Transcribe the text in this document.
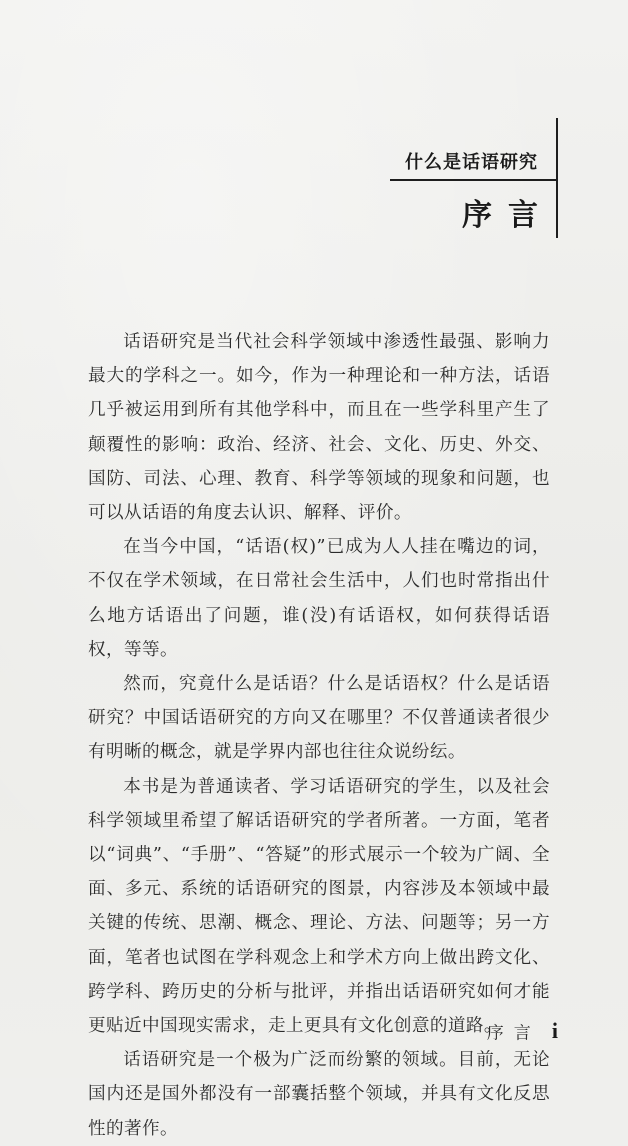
什么是话语研究
序言

话语研究是当代社会科学领域中渗透性最强、影响力最大的学科之一。如今，作为一种理论和一种方法，话语几乎被运用到所有其他学科中，而且在一些学科里产生了颠覆性的影响：政治、经济、社会、文化、历史、外交、国防、司法、心理、教育、科学等领域的现象和问题，也可以从话语的角度去认识、解释、评价。

在当今中国，“话语(权)”已成为人人挂在嘴边的词，不仅在学术领域，在日常社会生活中，人们也时常指出什么地方话语出了问题，谁(没)有话语权，如何获得话语权，等等。

然而，究竟什么是话语？什么是话语权？什么是话语研究？中国话语研究的方向又在哪里？不仅普通读者很少有明晰的概念，就是学界内部也往往众说纷纭。

本书是为普通读者、学习话语研究的学生，以及社会科学领域里希望了解话语研究的学者所著。一方面，笔者以“词典”、“手册”、“答疑”的形式展示一个较为广阔、全面、多元、系统的话语研究的图景，内容涉及本领域中最关键的传统、思潮、概念、理论、方法、问题等；另一方面，笔者也试图在学科观念上和学术方向上做出跨文化、跨学科、跨历史的分析与批评，并指出话语研究如何才能更贴近中国现实需求，走上更具有文化创意的道路。

话语研究是一个极为广泛而纷繁的领域。目前，无论国内还是国外都没有一部囊括整个领域，并具有文化反思性的著作。

序言 i
